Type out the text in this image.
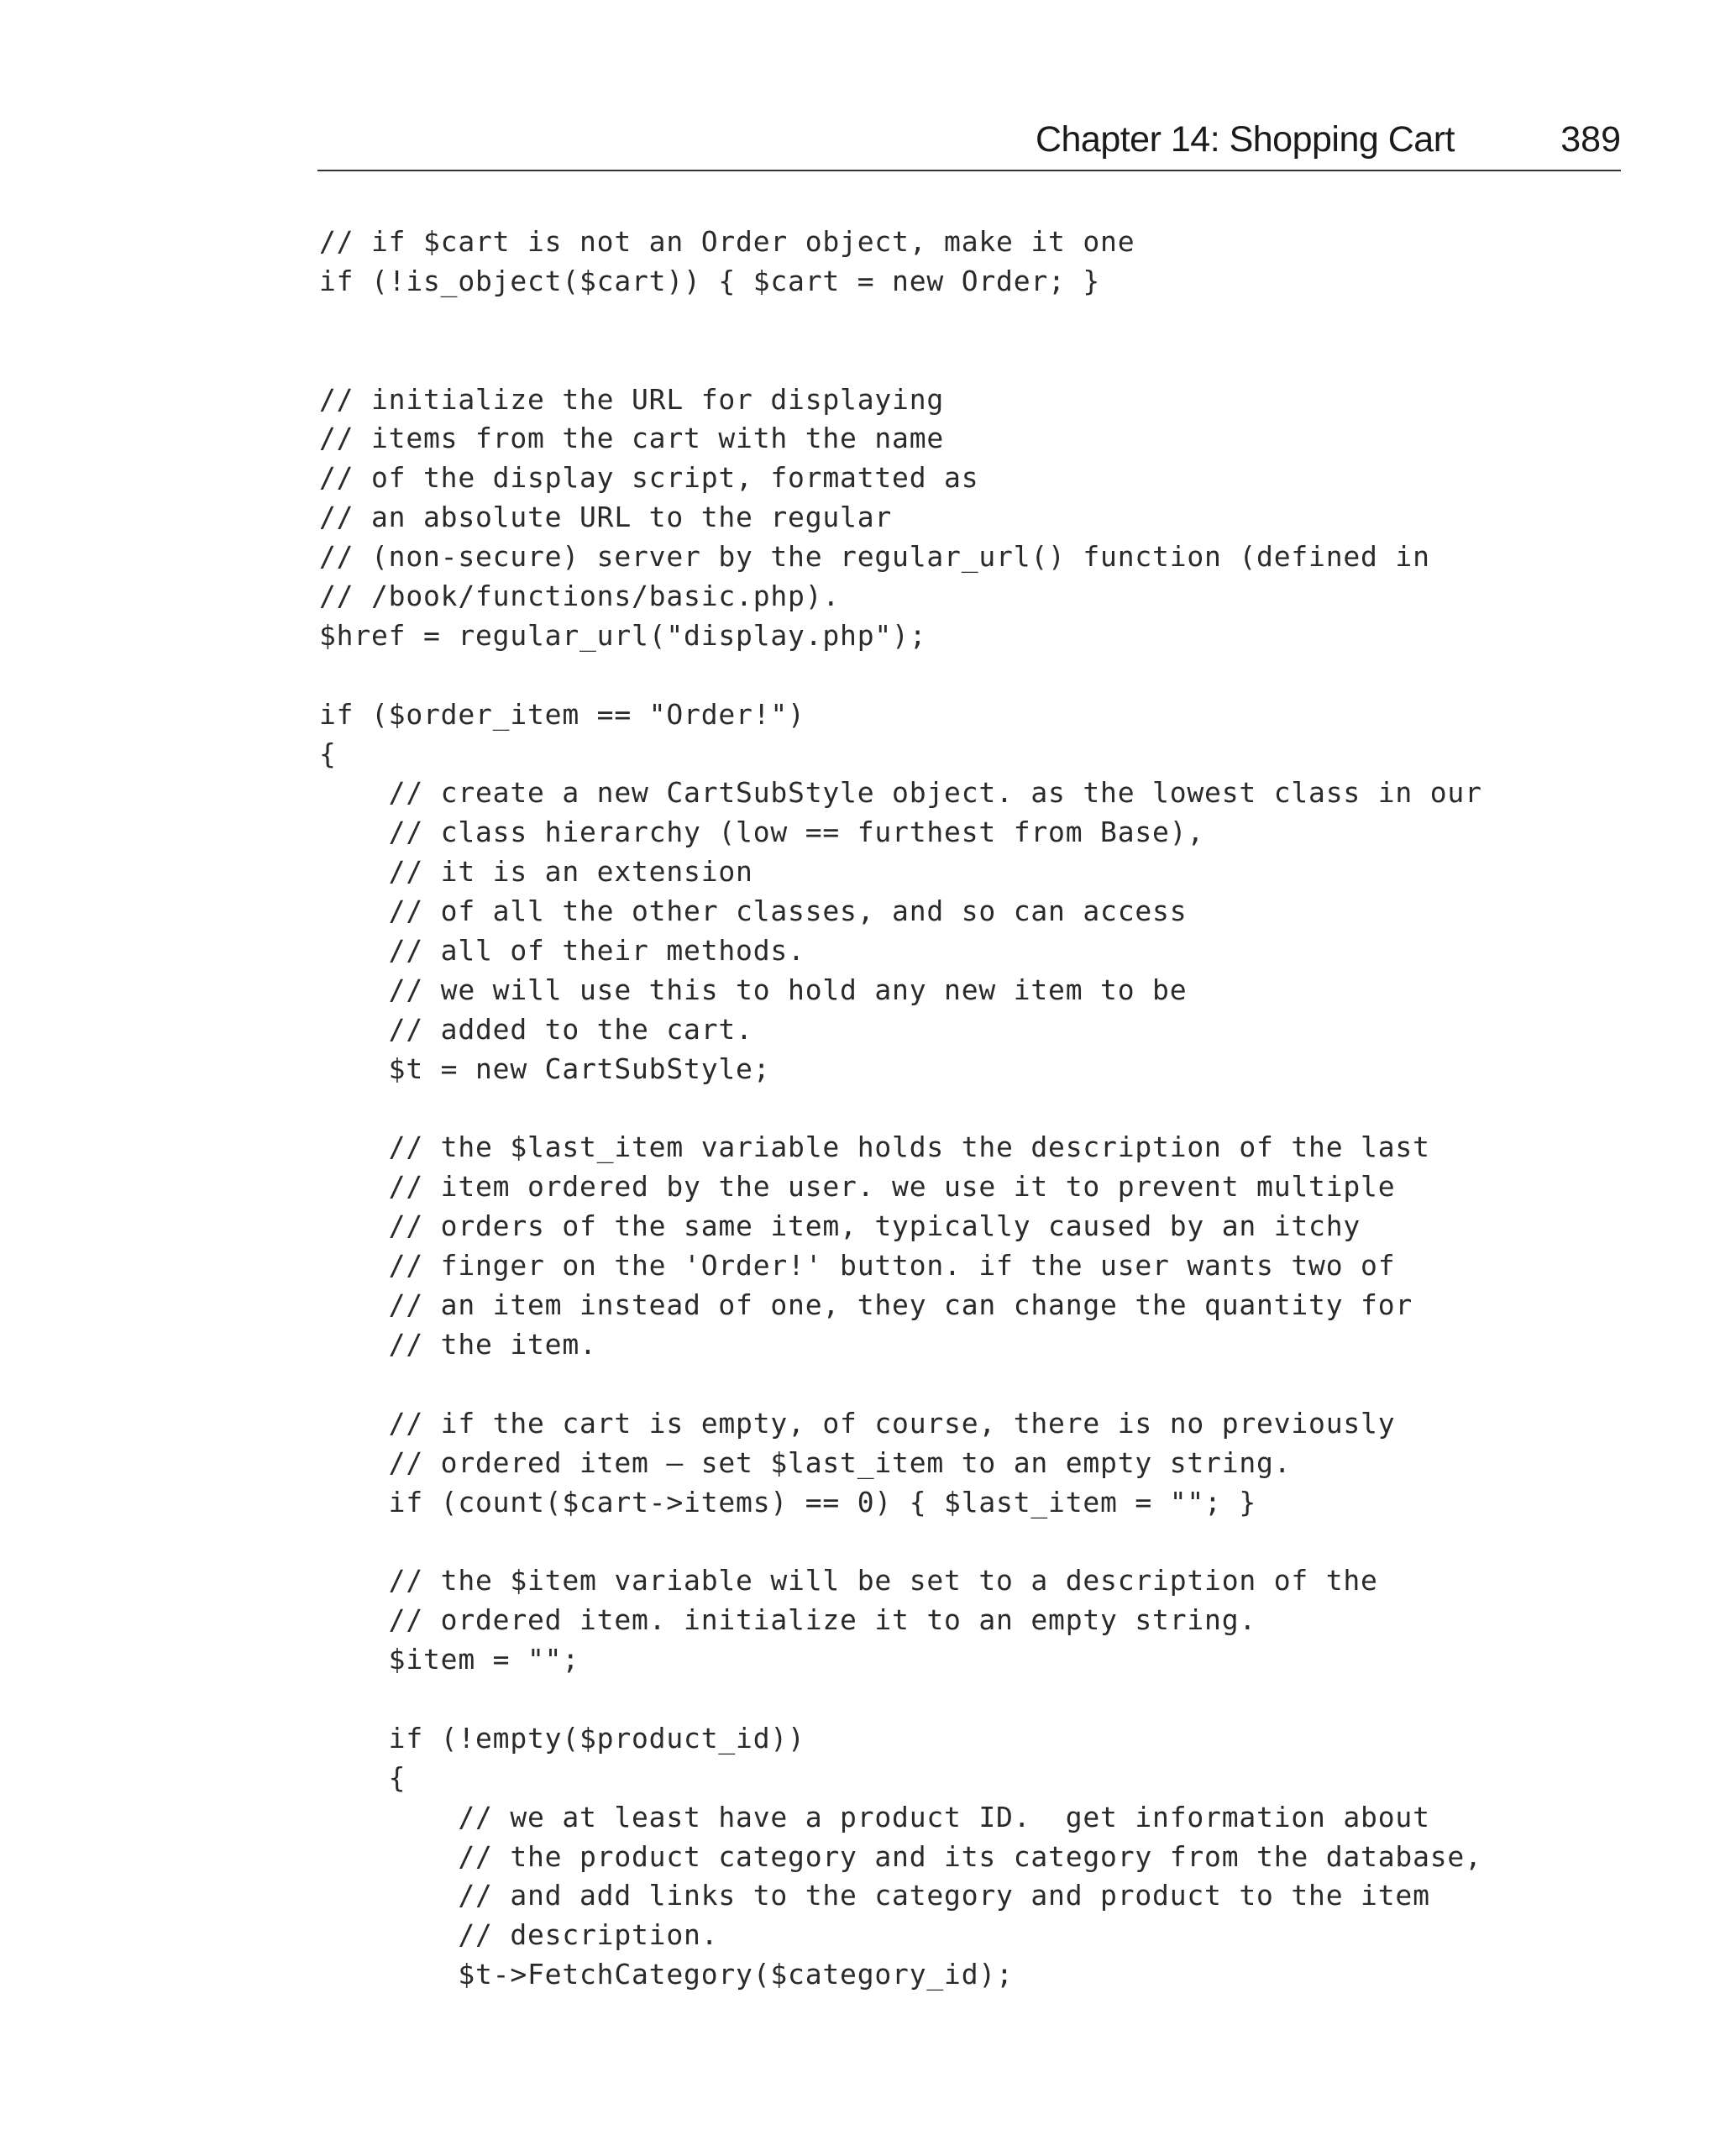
Chapter 14: Shopping Cart	389
// if $cart is not an Order object, make it one
if (!is_object($cart)) { $cart = new Order; }
// initialize the URL for displaying
// items from the cart with the name
// of the display script, formatted as
// an absolute URL to the regular
// (non-secure) server by the regular_url() function (defined in
// /book/functions/basic.php).
$href = regular_url("display.php");
if ($order_item == "Order!")
{
// create a new CartSubStyle object. as the lowest class in our
// class hierarchy (low == furthest from Base),
// it is an extension
// of all the other classes, and so can access
// all of their methods.
// we will use this to hold any new item to be
// added to the cart.
$t = new CartSubStyle;
// the $last_item variable holds the description of the last
// item ordered by the user. we use it to prevent multiple
// orders of the same item, typically caused by an itchy
// finger on the 'Order!' button. if the user wants two of
// an item instead of one, they can change the quantity for
// the item.
// if the cart is empty, of course, there is no previously
// ordered item – set $last_item to an empty string.
if (count($cart->items) == 0) { $last_item = ""; }
// the $item variable will be set to a description of the
// ordered item. initialize it to an empty string.
$item = "";
if (!empty($product_id))
{
// we at least have a product ID.  get information about
// the product category and its category from the database,
// and add links to the category and product to the item
// description.
$t->FetchCategory($category_id);
